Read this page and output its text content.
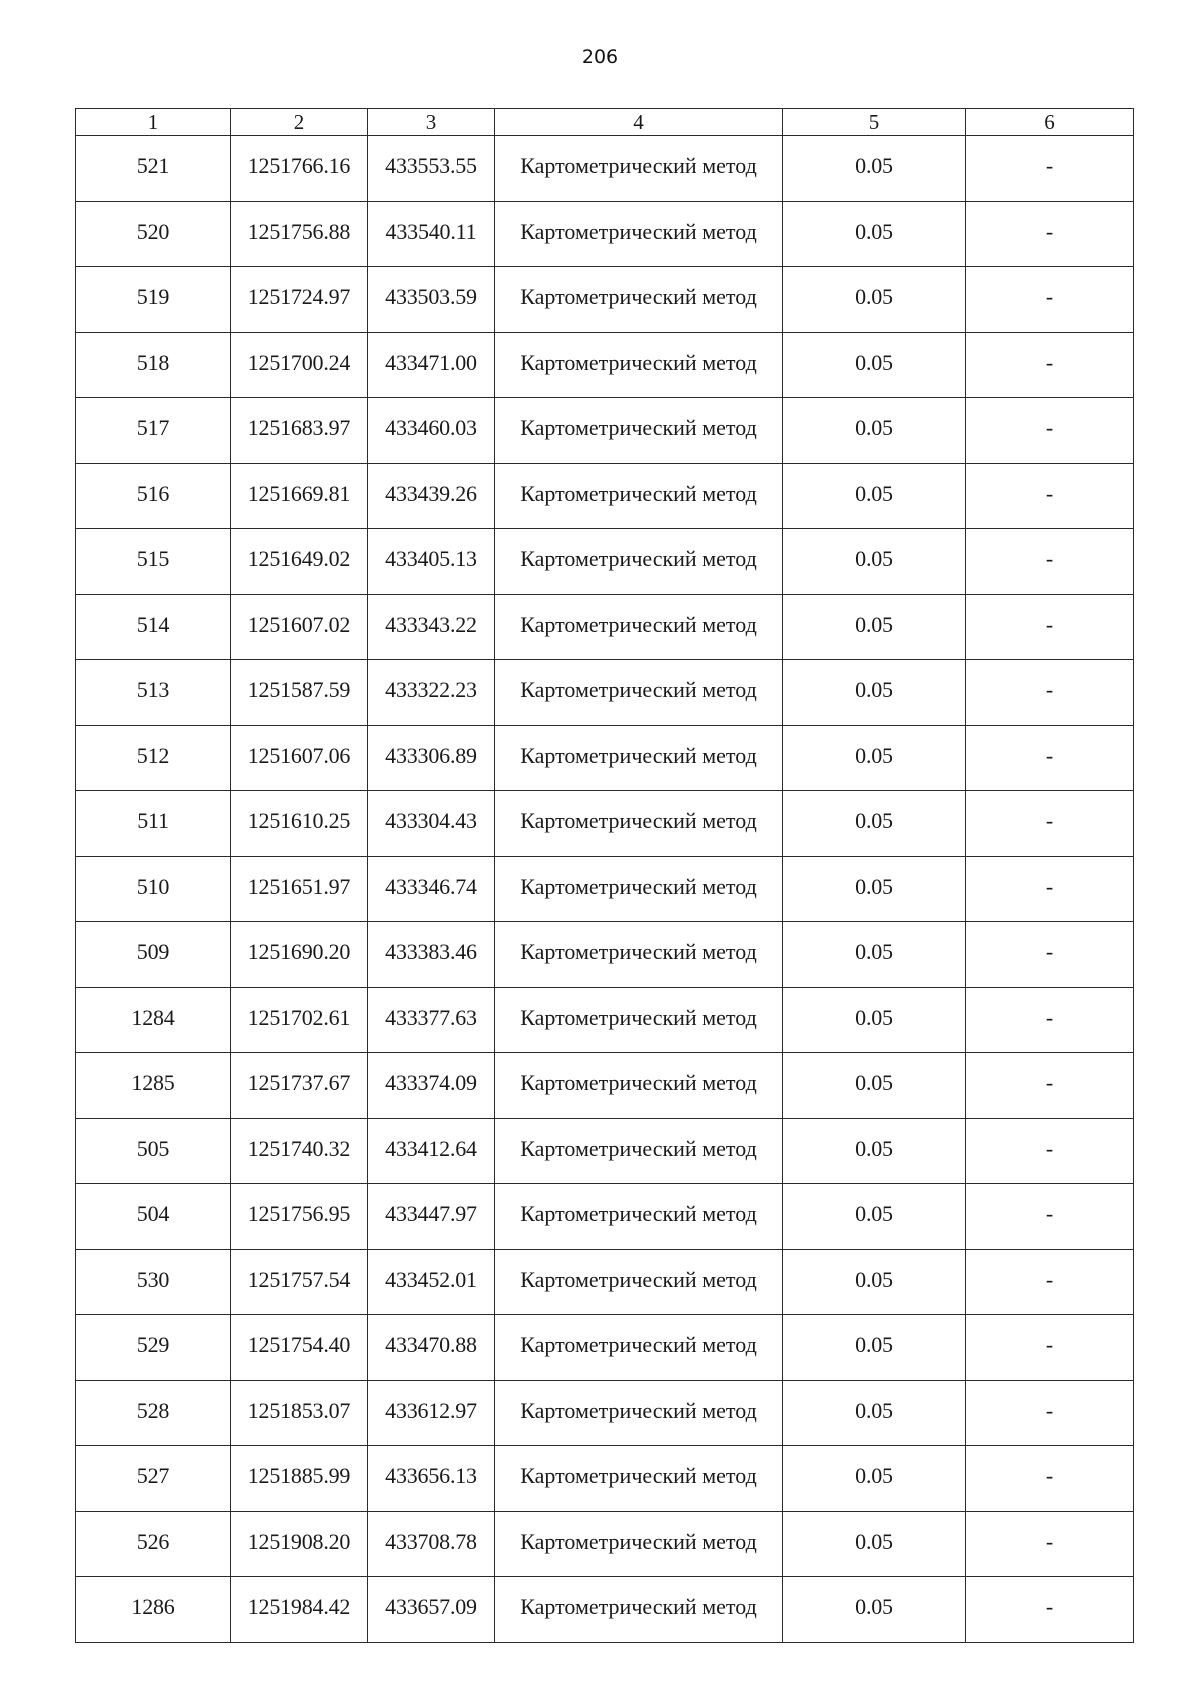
206
1	2	3	4	5	6
521	1251766.16	433553.55	Картометрический метод	0.05	-
520	1251756.88	433540.11	Картометрический метод	0.05	-
519	1251724.97	433503.59	Картометрический метод	0.05	-
518	1251700.24	433471.00	Картометрический метод	0.05	-
517	1251683.97	433460.03	Картометрический метод	0.05	-
516	1251669.81	433439.26	Картометрический метод	0.05	-
515	1251649.02	433405.13	Картометрический метод	0.05	-
514	1251607.02	433343.22	Картометрический метод	0.05	-
513	1251587.59	433322.23	Картометрический метод	0.05	-
512	1251607.06	433306.89	Картометрический метод	0.05	-
511	1251610.25	433304.43	Картометрический метод	0.05	-
510	1251651.97	433346.74	Картометрический метод	0.05	-
509	1251690.20	433383.46	Картометрический метод	0.05	-
1284	1251702.61	433377.63	Картометрический метод	0.05	-
1285	1251737.67	433374.09	Картометрический метод	0.05	-
505	1251740.32	433412.64	Картометрический метод	0.05	-
504	1251756.95	433447.97	Картометрический метод	0.05	-
530	1251757.54	433452.01	Картометрический метод	0.05	-
529	1251754.40	433470.88	Картометрический метод	0.05	-
528	1251853.07	433612.97	Картометрический метод	0.05	-
527	1251885.99	433656.13	Картометрический метод	0.05	-
526	1251908.20	433708.78	Картометрический метод	0.05	-
1286	1251984.42	433657.09	Картометрический метод	0.05	-
